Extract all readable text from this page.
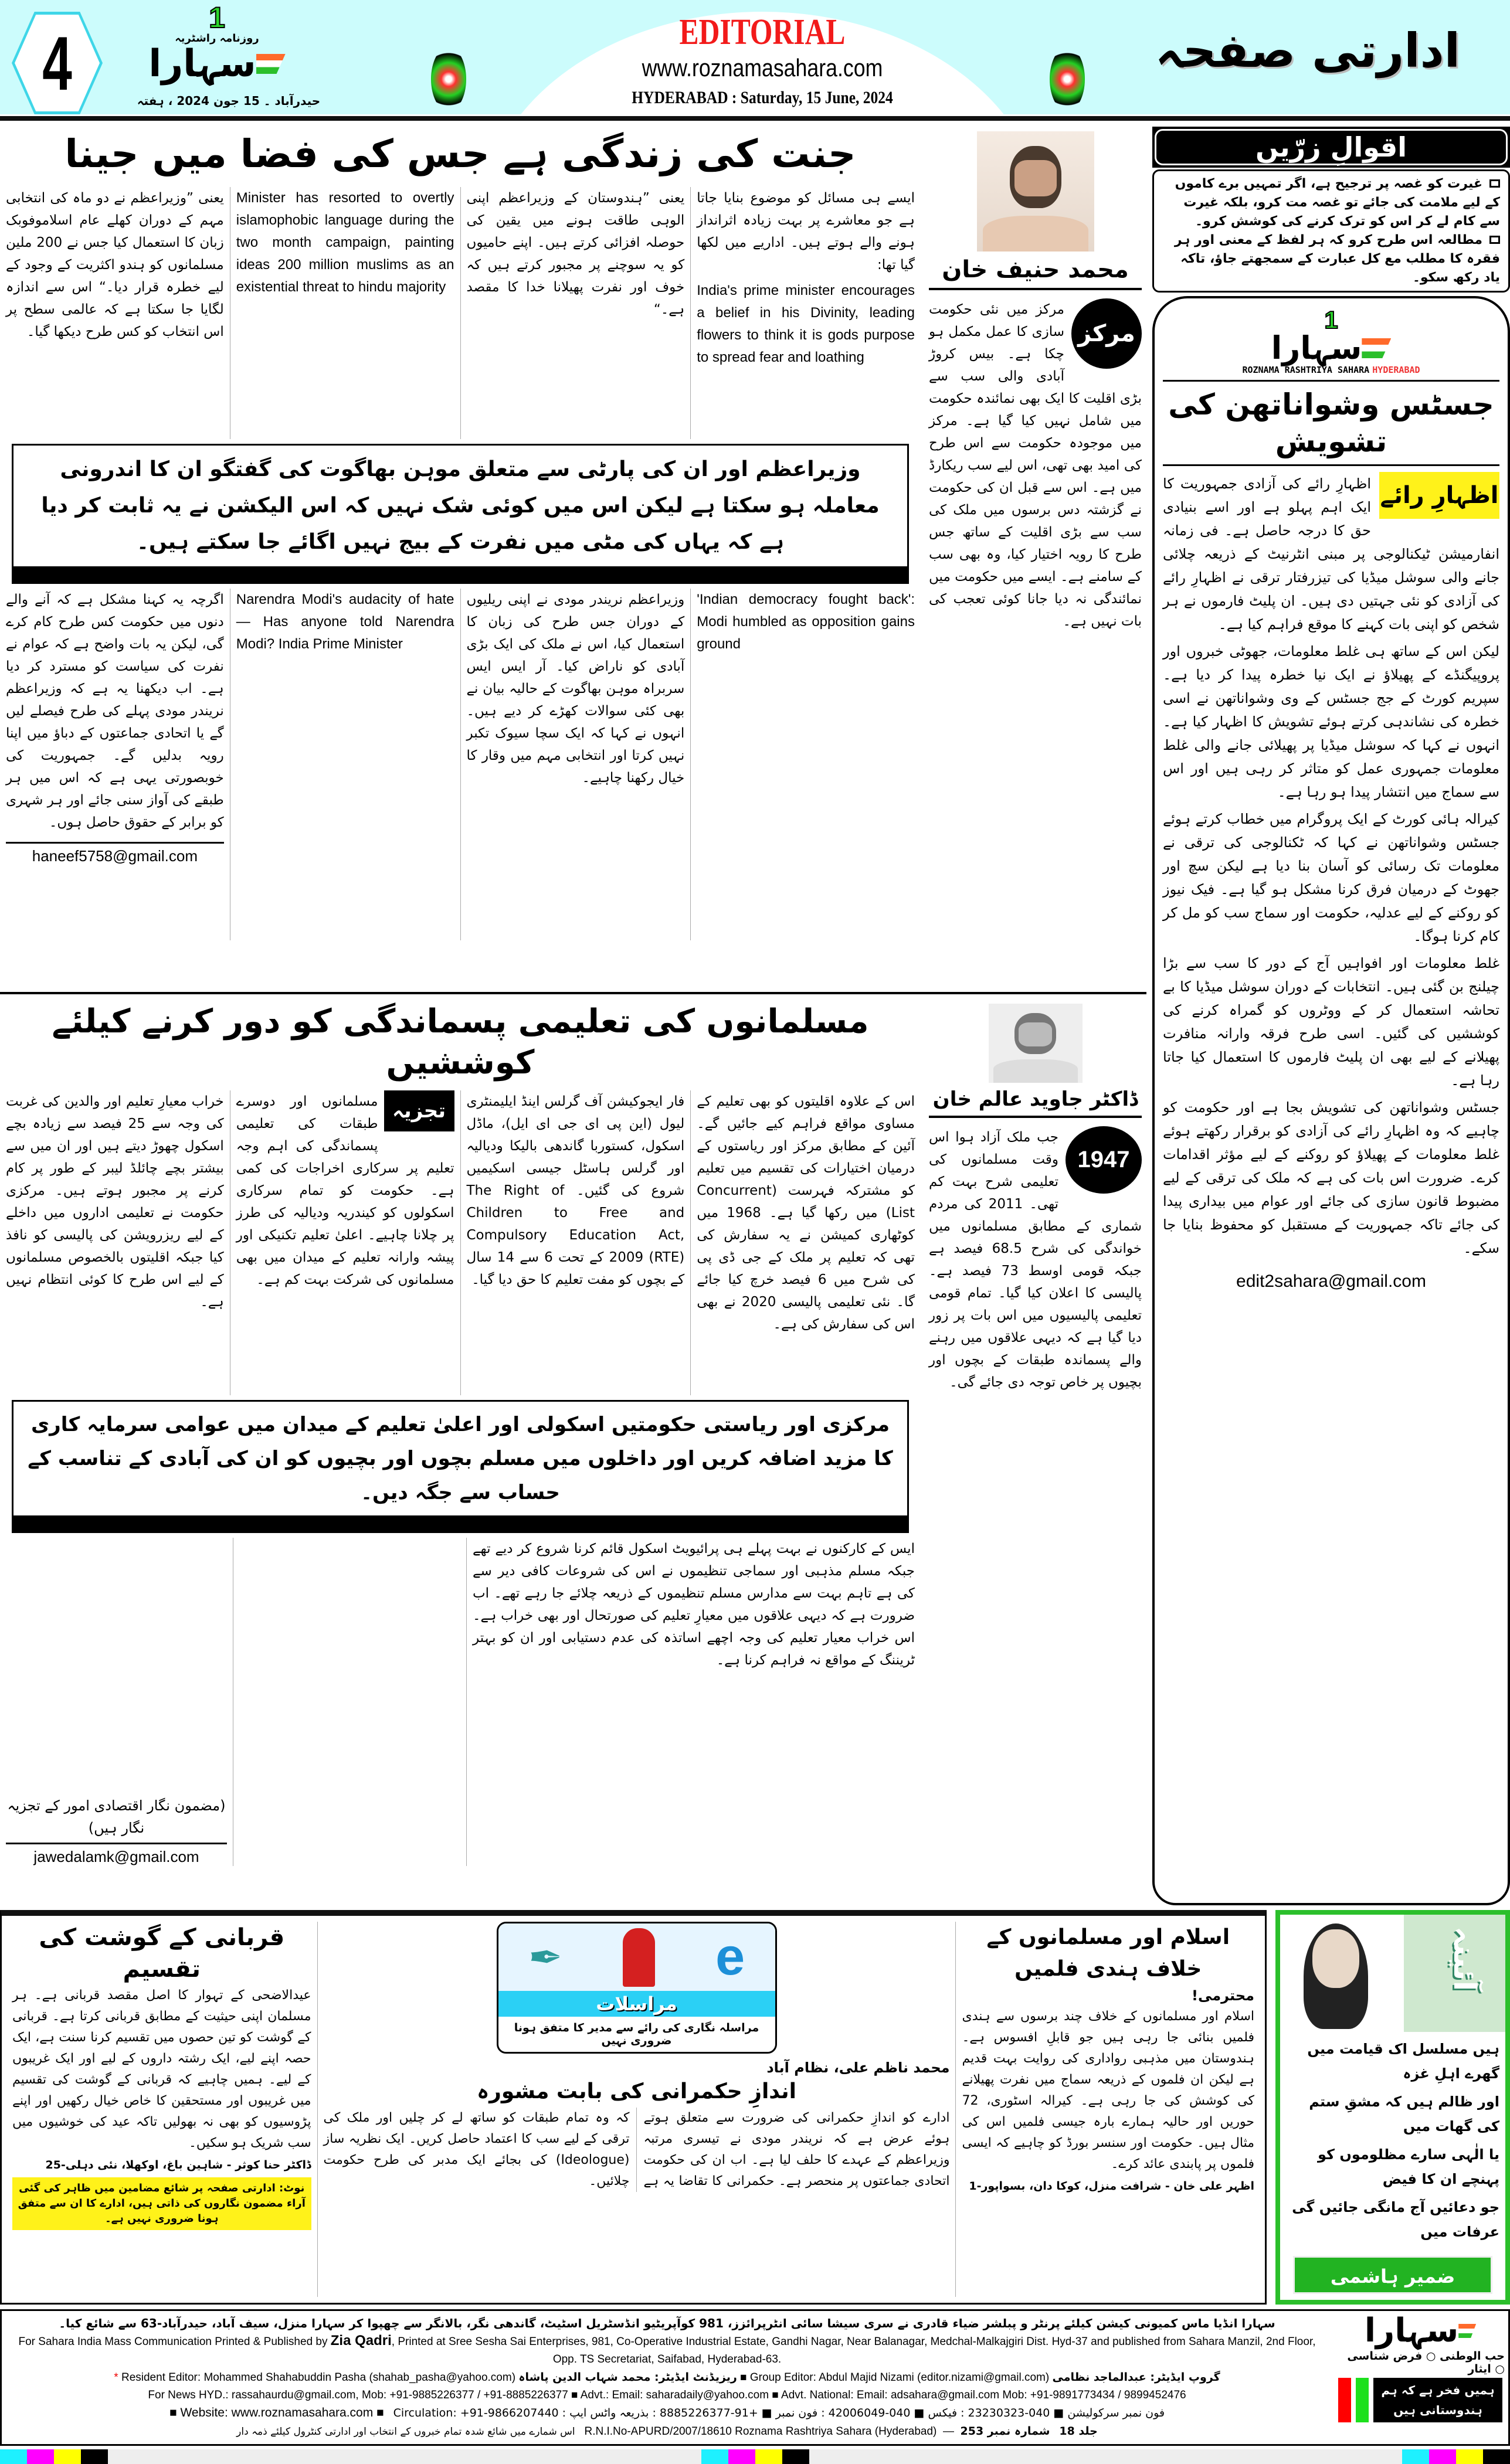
4
1
روزنامہ راشٹریہ
سہارا
حیدرآباد ۔ 15 جون 2024 ، ہفتہ
EDITORIAL
www.roznamasahara.com
HYDERABAD : Saturday, 15 June, 2024
ادارتی صفحہ
جنت کی زندگی ہے جس کی فضا میں جینا

ایسے ہی مسائل کو موضوع بنایا جاتا ہے جو معاشرے پر بہت زیادہ اثرانداز ہونے والے ہوتے ہیں۔ اداریے میں لکھا گیا تھا:

India's prime minister encourages a belief in his Divinity, leading flowers to think it is gods purpose to spread fear and loathing

یعنی ”ہندوستان کے وزیراعظم اپنی الوہی طاقت ہونے میں یقین کی حوصلہ افزائی کرتے ہیں۔ اپنے حامیوں کو یہ سوچنے پر مجبور کرتے ہیں کہ خوف اور نفرت پھیلانا خدا کا مقصد ہے۔“

Minister has resorted to overtly islamophobic language during the two month campaign, painting ideas 200 million muslims as an existential threat to hindu majority

یعنی ”وزیراعظم نے دو ماہ کی انتخابی مہم کے دوران کھلے عام اسلاموفوبک زبان کا استعمال کیا جس نے 200 ملین مسلمانوں کو ہندو اکثریت کے وجود کے لیے خطرہ قرار دیا۔“ اس سے اندازہ لگایا جا سکتا ہے کہ عالمی سطح پر اس انتخاب کو کس طرح دیکھا گیا۔

وزیراعظم اور ان کی پارٹی سے متعلق موہن بھاگوت کی گفتگو ان کا اندرونی معاملہ ہو سکتا ہے لیکن اس میں کوئی شک نہیں کہ اس الیکشن نے یہ ثابت کر دیا ہے کہ یہاں کی مٹی میں نفرت کے بیج نہیں اگائے جا سکتے ہیں۔

'Indian democracy fought back': Modi humbled as opposition gains ground

وزیراعظم نریندر مودی نے اپنی ریلیوں کے دوران جس طرح کی زبان کا استعمال کیا، اس نے ملک کی ایک بڑی آبادی کو ناراض کیا۔ آر ایس ایس سربراہ موہن بھاگوت کے حالیہ بیان نے بھی کئی سوالات کھڑے کر دیے ہیں۔ انہوں نے کہا کہ ایک سچا سیوک تکبر نہیں کرتا اور انتخابی مہم میں وقار کا خیال رکھنا چاہیے۔

Narendra Modi's audacity of hate — Has anyone told Narendra Modi? India Prime Minister

اگرچہ یہ کہنا مشکل ہے کہ آنے والے دنوں میں حکومت کس طرح کام کرے گی، لیکن یہ بات واضح ہے کہ عوام نے نفرت کی سیاست کو مسترد کر دیا ہے۔ اب دیکھنا یہ ہے کہ وزیراعظم نریندر مودی پہلے کی طرح فیصلے لیں گے یا اتحادی جماعتوں کے دباؤ میں اپنا رویہ بدلیں گے۔ جمہوریت کی خوبصورتی یہی ہے کہ اس میں ہر طبقے کی آواز سنی جائے اور ہر شہری کو برابر کے حقوق حاصل ہوں۔

haneef5758@gmail.com
محمد حنیف خان
مرکز

مرکز میں نئی حکومت سازی کا عمل مکمل ہو چکا ہے۔ بیس کروڑ آبادی والی سب سے بڑی اقلیت کا ایک بھی نمائندہ حکومت میں شامل نہیں کیا گیا ہے۔ مرکز میں موجودہ حکومت سے اس طرح کی امید بھی تھی، اس لیے سب ریکارڈ میں ہے۔ اس سے قبل ان کی حکومت نے گزشتہ دس برسوں میں ملک کی سب سے بڑی اقلیت کے ساتھ جس طرح کا رویہ اختیار کیا، وہ بھی سب کے سامنے ہے۔ ایسے میں حکومت میں نمائندگی نہ دیا جانا کوئی تعجب کی بات نہیں ہے۔

مسلمانوں کی تعلیمی پسماندگی کو دور کرنے کیلئے کوششیں

اس کے علاوہ اقلیتوں کو بھی تعلیم کے مساوی مواقع فراہم کیے جائیں گے۔ آئین کے مطابق مرکز اور ریاستوں کے درمیان اختیارات کی تقسیم میں تعلیم کو مشترکہ فہرست (Concurrent List) میں رکھا گیا ہے۔ 1968 میں کوٹھاری کمیشن نے یہ سفارش کی تھی کہ تعلیم پر ملک کے جی ڈی پی کی شرح میں 6 فیصد خرچ کیا جائے گا۔ نئی تعلیمی پالیسی 2020 نے بھی اس کی سفارش کی ہے۔

فار ایجوکیشن آف گرلس اینڈ ایلیمنٹری لیول (این پی ای جی ای ایل)، ماڈل اسکول، کستوربا گاندھی بالیکا ودیالیہ اور گرلس ہاسٹل جیسی اسکیمیں شروع کی گئیں۔ The Right of Children to Free and Compulsory Education Act, 2009 (RTE) کے تحت 6 سے 14 سال کے بچوں کو مفت تعلیم کا حق دیا گیا۔

تجزیہ

مسلمانوں اور دوسرے طبقات کی تعلیمی پسماندگی کی اہم وجہ تعلیم پر سرکاری اخراجات کی کمی ہے۔ حکومت کو تمام سرکاری اسکولوں کو کیندریہ ودیالیہ کی طرز پر چلانا چاہیے۔ اعلیٰ تعلیم تکنیکی اور پیشہ وارانہ تعلیم کے میدان میں بھی مسلمانوں کی شرکت بہت کم ہے۔

خراب معیارِ تعلیم اور والدین کی غربت کی وجہ سے 25 فیصد سے زیادہ بچے اسکول چھوڑ دیتے ہیں اور ان میں سے بیشتر بچے چائلڈ لیبر کے طور پر کام کرنے پر مجبور ہوتے ہیں۔ مرکزی حکومت نے تعلیمی اداروں میں داخلے کے لیے ریزرویشن کی پالیسی کو نافذ کیا جبکہ اقلیتوں بالخصوص مسلمانوں کے لیے اس طرح کا کوئی انتظام نہیں ہے۔

مرکزی اور ریاستی حکومتیں اسکولی اور اعلیٰ تعلیم کے میدان میں عوامی سرمایہ کاری کا مزید اضافہ کریں اور داخلوں میں مسلم بچوں اور بچیوں کو ان کی آبادی کے تناسب کے حساب سے جگہ دیں۔

ایس کے کارکنوں نے بہت پہلے ہی پرائیویٹ اسکول قائم کرنا شروع کر دیے تھے جبکہ مسلم مذہبی اور سماجی تنظیموں نے اس کی شروعات کافی دیر سے کی ہے تاہم بہت سے مدارس مسلم تنظیموں کے ذریعہ چلائے جا رہے تھے۔ اب ضرورت ہے کہ دیہی علاقوں میں معیارِ تعلیم کی صورتحال اور بھی خراب ہے۔ اس خراب معیار تعلیم کی وجہ اچھے اساتذہ کی عدم دستیابی اور ان کو بہتر ٹریننگ کے مواقع نہ فراہم کرنا ہے۔

(مضمون نگار اقتصادی امور کے تجزیہ نگار ہیں)
jawedalamk@gmail.com
ڈاکٹر جاوید عالم خان
1947

جب ملک آزاد ہوا اس وقت مسلمانوں کی تعلیمی شرح بہت کم تھی۔ 2011 کی مردم شماری کے مطابق مسلمانوں میں خواندگی کی شرح 68.5 فیصد ہے جبکہ قومی اوسط 73 فیصد ہے۔ پالیسی کا اعلان کیا گیا۔ تمام قومی تعلیمی پالیسیوں میں اس بات پر زور دیا گیا ہے کہ دیہی علاقوں میں رہنے والے پسماندہ طبقات کے بچوں اور بچیوں پر خاص توجہ دی جائے گی۔

اقوالِ زرّیں
غیرت کو غصہ پر ترجیح ہے، اگر تمہیں برے کاموں کے لیے ملامت کی جائے تو غصہ مت کرو، بلکہ غیرت سے کام لے کر اس کو ترک کرنے کی کوشش کرو۔
مطالعہ اس طرح کرو کہ ہر لفظ کے معنی اور ہر فقرہ کا مطلب مع کل عبارت کے سمجھتے جاؤ، تاکہ یاد رکھ سکو۔
1
سہارا
ROZNAMA RASHTRIYA SAHARA HYDERABAD
جسٹس وشواناتھن کی تشویش
اظہارِ رائے

اظہارِ رائے کی آزادی جمہوریت کا ایک اہم پہلو ہے اور اسے بنیادی حق کا درجہ حاصل ہے۔ فی زمانہ انفارمیشن ٹیکنالوجی پر مبنی انٹرنیٹ کے ذریعہ چلائی جانے والی سوشل میڈیا کی تیزرفتار ترقی نے اظہارِ رائے کی آزادی کو نئی جہتیں دی ہیں۔ ان پلیٹ فارموں نے ہر شخص کو اپنی بات کہنے کا موقع فراہم کیا ہے۔

لیکن اس کے ساتھ ہی غلط معلومات، جھوٹی خبروں اور پروپیگنڈے کے پھیلاؤ نے ایک نیا خطرہ پیدا کر دیا ہے۔ سپریم کورٹ کے جج جسٹس کے وی وشواناتھن نے اسی خطرہ کی نشاندہی کرتے ہوئے تشویش کا اظہار کیا ہے۔ انہوں نے کہا کہ سوشل میڈیا پر پھیلائی جانے والی غلط معلومات جمہوری عمل کو متاثر کر رہی ہیں اور اس سے سماج میں انتشار پیدا ہو رہا ہے۔

کیرالہ ہائی کورٹ کے ایک پروگرام میں خطاب کرتے ہوئے جسٹس وشواناتھن نے کہا کہ ٹکنالوجی کی ترقی نے معلومات تک رسائی کو آسان بنا دیا ہے لیکن سچ اور جھوٹ کے درمیان فرق کرنا مشکل ہو گیا ہے۔ فیک نیوز کو روکنے کے لیے عدلیہ، حکومت اور سماج سب کو مل کر کام کرنا ہوگا۔

غلط معلومات اور افواہیں آج کے دور کا سب سے بڑا چیلنج بن گئی ہیں۔ انتخابات کے دوران سوشل میڈیا کا بے تحاشہ استعمال کر کے ووٹروں کو گمراہ کرنے کی کوششیں کی گئیں۔ اسی طرح فرقہ وارانہ منافرت پھیلانے کے لیے بھی ان پلیٹ فارموں کا استعمال کیا جاتا رہا ہے۔

جسٹس وشواناتھن کی تشویش بجا ہے اور حکومت کو چاہیے کہ وہ اظہارِ رائے کی آزادی کو برقرار رکھتے ہوئے غلط معلومات کے پھیلاؤ کو روکنے کے لیے مؤثر اقدامات کرے۔ ضرورت اس بات کی ہے کہ ملک کی ترقی کے لیے مضبوط قانون سازی کی جائے اور عوام میں بیداری پیدا کی جائے تاکہ جمہوریت کے مستقبل کو محفوظ بنایا جا سکے۔

edit2sahara@gmail.com
اسلام اور مسلمانوں کے خلاف ہندی فلمیں
محترمی!
اسلام اور مسلمانوں کے خلاف چند برسوں سے ہندی فلمیں بنائی جا رہی ہیں جو قابلِ افسوس ہے۔ ہندوستان میں مذہبی رواداری کی روایت بہت قدیم ہے لیکن ان فلموں کے ذریعہ سماج میں نفرت پھیلانے کی کوشش کی جا رہی ہے۔ کیرالہ اسٹوری، 72 حوریں اور حالیہ ہمارے بارہ جیسی فلمیں اس کی مثال ہیں۔ حکومت اور سنسر بورڈ کو چاہیے کہ ایسی فلموں پر پابندی عائد کرے۔
اظہر علی خان - شرافت منزل، کوکا دان، بسواپور-1
e
✒
مراسلات
مراسلہ نگاری کی رائے سے مدیر کا متفق ہونا ضروری نہیں
محمد ناظم علی، نظام آباد
اندازِ حکمرانی کی بابت مشورہ
ادارے کو اندازِ حکمرانی کی ضرورت سے متعلق ہوتے ہوئے عرض ہے کہ نریندر مودی نے تیسری مرتبہ وزیراعظم کے عہدے کا حلف لیا ہے۔ اب ان کی حکومت اتحادی جماعتوں پر منحصر ہے۔ حکمرانی کا تقاضا یہ ہے کہ وہ تمام طبقات کو ساتھ لے کر چلیں اور ملک کی ترقی کے لیے سب کا اعتماد حاصل کریں۔ ایک نظریہ ساز (Ideologue) کی بجائے ایک مدبر کی طرح حکومت چلائیں۔
قربانی کے گوشت کی تقسیم
عیدالاضحی کے تہوار کا اصل مقصد قربانی ہے۔ ہر مسلمان اپنی حیثیت کے مطابق قربانی کرتا ہے۔ قربانی کے گوشت کو تین حصوں میں تقسیم کرنا سنت ہے، ایک حصہ اپنے لیے، ایک رشتہ داروں کے لیے اور ایک غریبوں کے لیے۔ ہمیں چاہیے کہ قربانی کے گوشت کی تقسیم میں غریبوں اور مستحقین کا خاص خیال رکھیں اور اپنے پڑوسیوں کو بھی نہ بھولیں تاکہ عید کی خوشیوں میں سب شریک ہو سکیں۔
ڈاکٹر حنا کوثر - شاہین باغ، اوکھلا، نئی دہلی-25
نوٹ: ادارتی صفحہ پر شائع مضامین میں ظاہر کی گئی آراء مضمون نگاروں کی ذاتی ہیں، ادارے کا ان سے متفق ہونا ضروری نہیں ہے۔
آئینہ
ہیں مسلسل اک قیامت میں گھرے اہلِ غزہ
اور ظالم ہیں کہ مشقِ ستم کی گھات میں
یا الٰہی سارے مظلوموں کو پہنچے ان کا فیض
جو دعائیں آج مانگی جائیں گی عرفات میں
ضمیر ہاشمی
سہارا انڈیا ماس کمیونی کیشن کیلئے پرنٹر و پبلشر ضیاء قادری نے سری سیشا سائی انٹرپرائزز، 981 کوآپریٹیو انڈسٹریل اسٹیٹ، گاندھی نگر، بالانگر سے چھپوا کر سہارا منزل، سیف آباد، حیدرآباد-63 سے شائع کیا۔
For Sahara India Mass Communication Printed & Published by Zia Qadri, Printed at Sree Sesha Sai Enterprises, 981, Co-Operative Industrial Estate, Gandhi Nagar, Near Balanagar, Medchal-Malkajgiri Dist. Hyd-37 and published from Sahara Manzil, 2nd Floor, Opp. TS Secretariat, Saifabad, Hyderabad-63.
* Resident Editor: Mohammed Shahabuddin Pasha (shahab_pasha@yahoo.com) ریزیڈنٹ ایڈیٹر: محمد شہاب الدین پاشاہ ■ Group Editor: Abdul Majid Nizami (editor.nizami@gmail.com) گروپ ایڈیٹر: عبدالماجد نظامی
For News HYD.: rassahaurdu@gmail.com, Mob: +91-9885226377 / +91-8885226377 ■ Advt.: Email: saharadaily@yahoo.com ■ Advt. National: Email: adsahara@gmail.com Mob: +91-9891773434 / 9899452476
■ Website: www.roznamasahara.com ■ Circulation: +91-9866207440 : فون نمبر سرکولیشن ■ 040-23230323 : فیکس ■ 040-42006049 : فون نمبر ■ +91-8885226377 : بذریعہ واٹس ایپ
اس شمارے میں شائع شدہ تمام خبروں کے انتخاب اور ادارتی کنٹرول کیلئے ذمہ دار R.N.I.No-APURD/2007/18610 Roznama Rashtriya Sahara (Hyderabad)  —  شمارہ نمبر 253 جلد 18
سہارا
حب الوطنی ○ فرض شناسی ○ ایثار
ہمیں فخر ہے کہ ہم ہندوستانی ہیں
